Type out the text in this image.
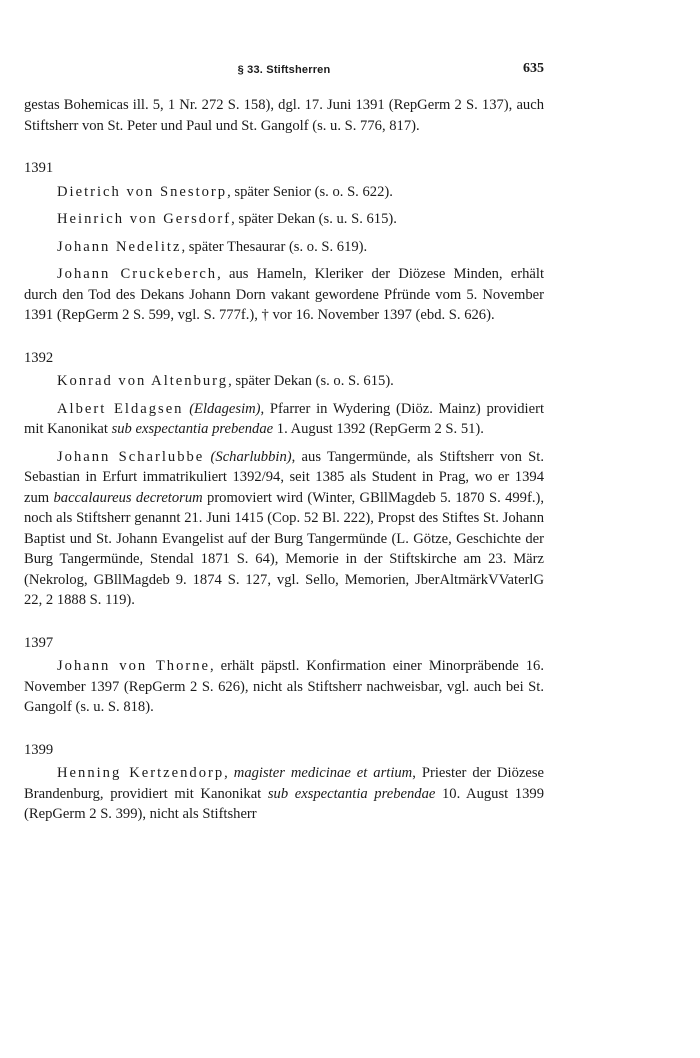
§ 33. Stiftsherren	635

gestas Bohemicas ill. 5, 1 Nr. 272 S. 158), dgl. 17. Juni 1391 (RepGerm 2 S. 137), auch Stiftsherr von St. Peter und Paul und St. Gangolf (s. u. S. 776, 817).

1391

Dietrich von Snestorp, später Senior (s. o. S. 622).

Heinrich von Gersdorf, später Dekan (s. u. S. 615).

Johann Nedelitz, später Thesaurar (s. o. S. 619).

Johann Cruckeberch, aus Hameln, Kleriker der Diözese Minden, erhält durch den Tod des Dekans Johann Dorn vakant gewordene Pfründe vom 5. November 1391 (RepGerm 2 S. 599, vgl. S. 777f.), † vor 16. November 1397 (ebd. S. 626).

1392

Konrad von Altenburg, später Dekan (s. o. S. 615).

Albert Eldagsen (Eldagesim), Pfarrer in Wydering (Diöz. Mainz) providiert mit Kanonikat sub exspectantia prebendae 1. August 1392 (RepGerm 2 S. 51).

Johann Scharlubbe (Scharlubbin), aus Tangermünde, als Stiftsherr von St. Sebastian in Erfurt immatrikuliert 1392/94, seit 1385 als Student in Prag, wo er 1394 zum baccalaureus decretorum promoviert wird (Winter, GBllMagdeb 5. 1870 S. 499f.), noch als Stiftsherr genannt 21. Juni 1415 (Cop. 52 Bl. 222), Propst des Stiftes St. Johann Baptist und St. Johann Evangelist auf der Burg Tangermünde (L. Götze, Geschichte der Burg Tangermünde, Stendal 1871 S. 64), Memorie in der Stiftskirche am 23. März (Nekrolog, GBllMagdeb 9. 1874 S. 127, vgl. Sello, Memorien, JberAltmärkVVaterlG 22, 2 1888 S. 119).

1397

Johann von Thorne, erhält päpstl. Konfirmation einer Minorpräbende 16. November 1397 (RepGerm 2 S. 626), nicht als Stiftsherr nachweisbar, vgl. auch bei St. Gangolf (s. u. S. 818).

1399

Henning Kertzendorp, magister medicinae et artium, Priester der Diözese Brandenburg, providiert mit Kanonikat sub exspectantia prebendae 10. August 1399 (RepGerm 2 S. 399), nicht als Stiftsherr
